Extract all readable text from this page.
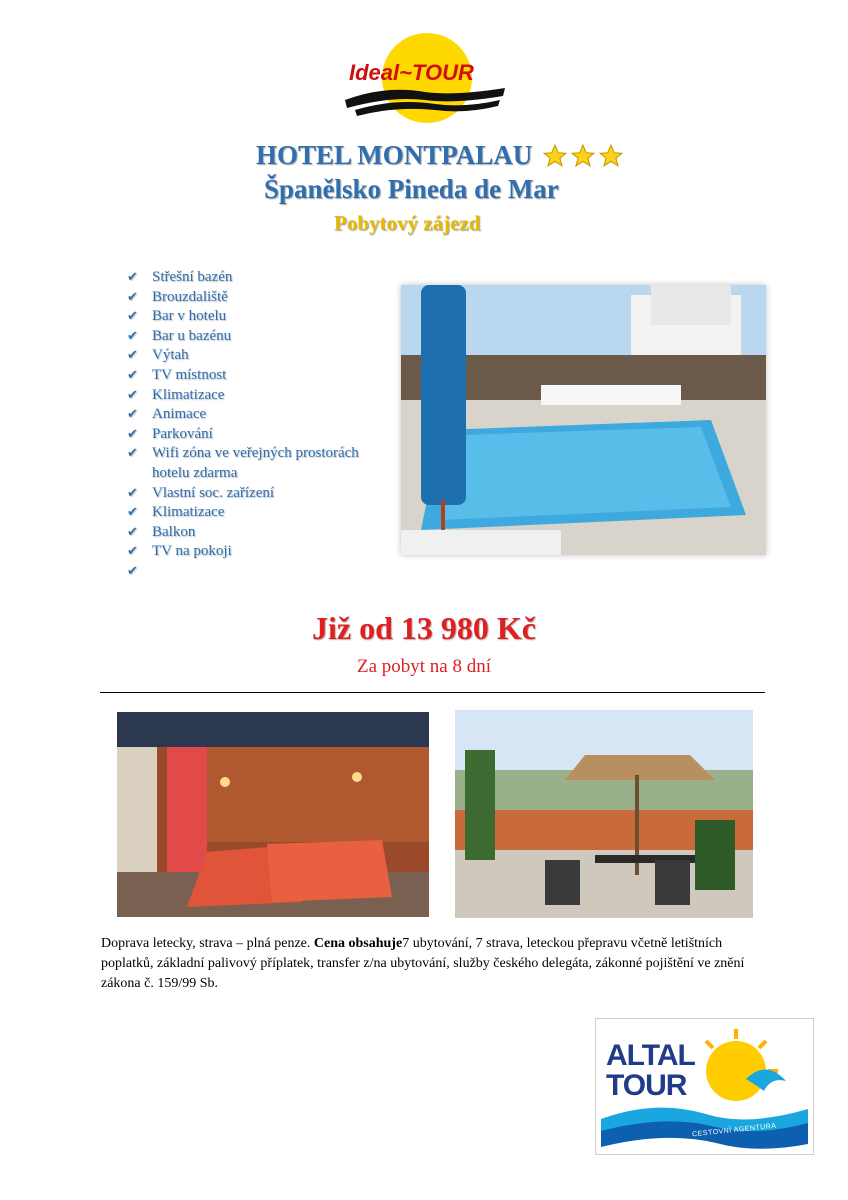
Ideal~TOUR
HOTEL MONTPALAU
Španělsko Pineda de Mar
Pobytový zájezd
✔ Střešní bazén
✔ Brouzdaliště
✔ Bar v hotelu
✔ Bar u bazénu
✔ Výtah
✔ TV místnost
✔ Klimatizace
✔ Animace
✔ Parkování
✔ Wifi zóna ve veřejných prostorách hotelu zdarma
✔ Vlastní soc. zařízení
✔ Klimatizace
✔ Balkon
✔ TV na pokoji
✔
Již od 13 980 Kč
Za pobyt na 8 dní
Doprava letecky, strava – plná penze. Cena obsahuje7 ubytování, 7 strava, leteckou přepravu včetně letištních poplatků, základní palivový příplatek, transfer z/na ubytování, služby českého delegáta, zákonné pojištění ve znění zákona č. 159/99 Sb.
ALTAL
TOUR
CESTOVNÍ AGENTURA
